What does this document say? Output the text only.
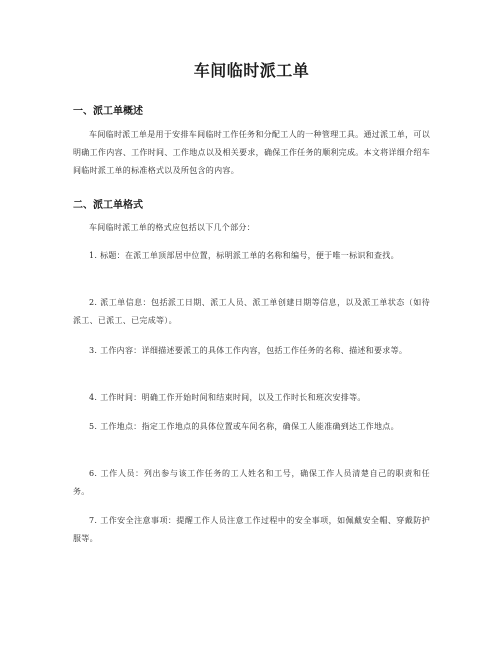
车间临时派工单
一、派工单概述

车间临时派工单是用于安排车间临时工作任务和分配工人的一种管理工具。通过派工单，可以明确工作内容、工作时间、工作地点以及相关要求，确保工作任务的顺利完成。本文将详细介绍车间临时派工单的标准格式以及所包含的内容。

二、派工单格式

车间临时派工单的格式应包括以下几个部分：

1. 标题：在派工单顶部居中位置，标明派工单的名称和编号，便于唯一标识和查找。

2. 派工单信息：包括派工日期、派工人员、派工单创建日期等信息，以及派工单状态（如待派工、已派工、已完成等）。

3. 工作内容：详细描述要派工的具体工作内容，包括工作任务的名称、描述和要求等。

4. 工作时间：明确工作开始时间和结束时间，以及工作时长和班次安排等。

5. 工作地点：指定工作地点的具体位置或车间名称，确保工人能准确到达工作地点。

6. 工作人员：列出参与该工作任务的工人姓名和工号，确保工作人员清楚自己的职责和任务。

7. 工作安全注意事项：提醒工作人员注意工作过程中的安全事项，如佩戴安全帽、穿戴防护服等。
